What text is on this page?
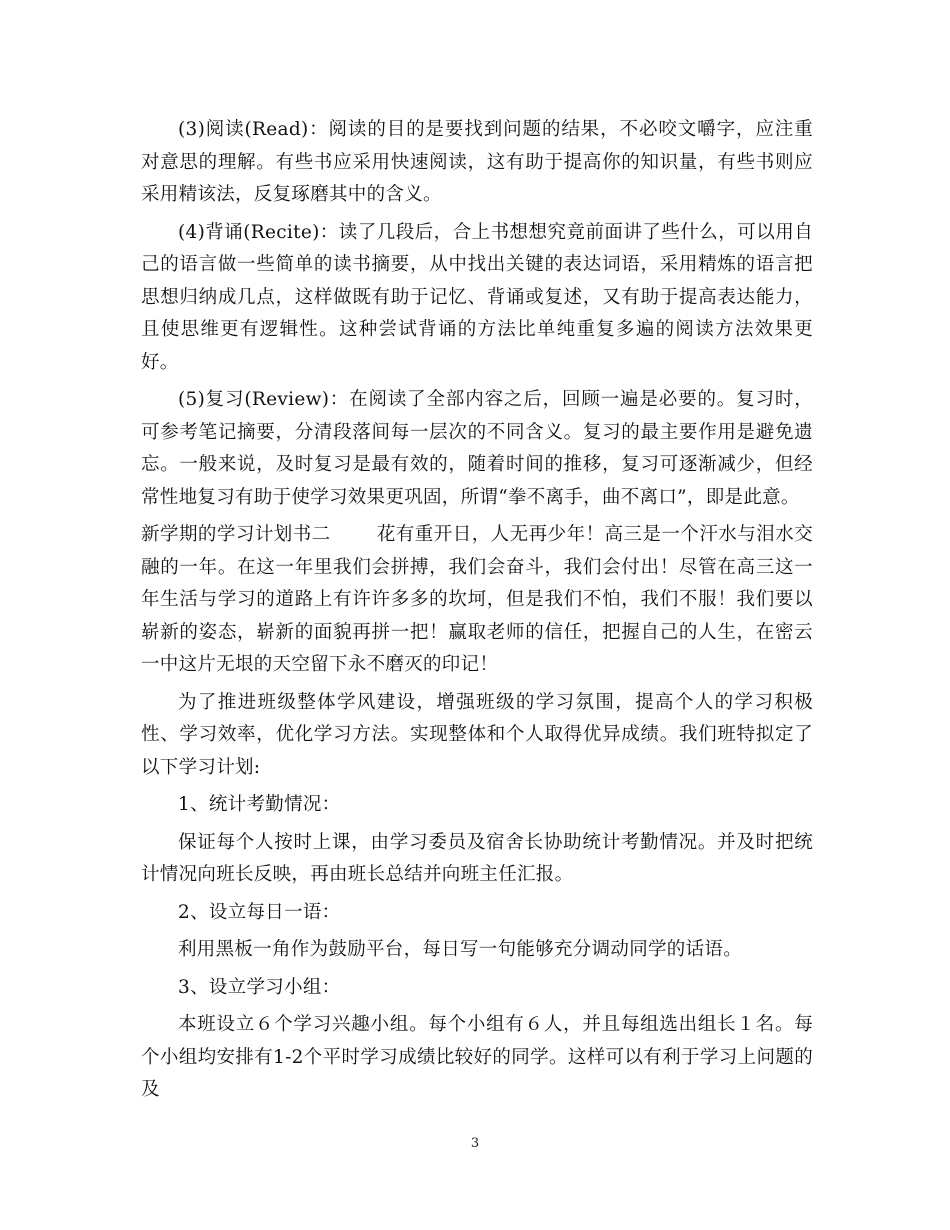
(3)阅读(Read)：阅读的目的是要找到问题的结果，不必咬文嚼字，应注重对意思的理解。有些书应采用快速阅读，这有助于提高你的知识量，有些书则应采用精该法，反复琢磨其中的含义。

(4)背诵(Recite)：读了几段后，合上书想想究竟前面讲了些什么，可以用自己的语言做一些简单的读书摘要，从中找出关键的表达词语，采用精炼的语言把思想归纳成几点，这样做既有助于记忆、背诵或复述，又有助于提高表达能力，且使思维更有逻辑性。这种尝试背诵的方法比单纯重复多遍的阅读方法效果更好。

(5)复习(Review)：在阅读了全部内容之后，回顾一遍是必要的。复习时，可参考笔记摘要，分清段落间每一层次的不同含义。复习的最主要作用是避免遗忘。一般来说，及时复习是最有效的，随着时间的推移，复习可逐渐减少，但经常性地复习有助于使学习效果更巩固，所谓“拳不离手，曲不离口”，即是此意。

新学期的学习计划书二 花有重开日，人无再少年！高三是一个汗水与泪水交融的一年。在这一年里我们会拼搏，我们会奋斗，我们会付出！尽管在高三这一年生活与学习的道路上有许许多多的坎坷，但是我们不怕，我们不服！我们要以崭新的姿态，崭新的面貌再拼一把！赢取老师的信任，把握自己的人生，在密云一中这片无垠的天空留下永不磨灭的印记！

为了推进班级整体学风建设，增强班级的学习氛围，提高个人的学习积极性、学习效率，优化学习方法。实现整体和个人取得优异成绩。我们班特拟定了以下学习计划:

1、统计考勤情况：

保证每个人按时上课，由学习委员及宿舍长协助统计考勤情况。并及时把统计情况向班长反映，再由班长总结并向班主任汇报。

2、设立每日一语：

利用黑板一角作为鼓励平台，每日写一句能够充分调动同学的话语。

3、设立学习小组：

本班设立６个学习兴趣小组。每个小组有６人，并且每组选出组长１名。每个小组均安排有1-2个平时学习成绩比较好的同学。这样可以有利于学习上问题的及

3
